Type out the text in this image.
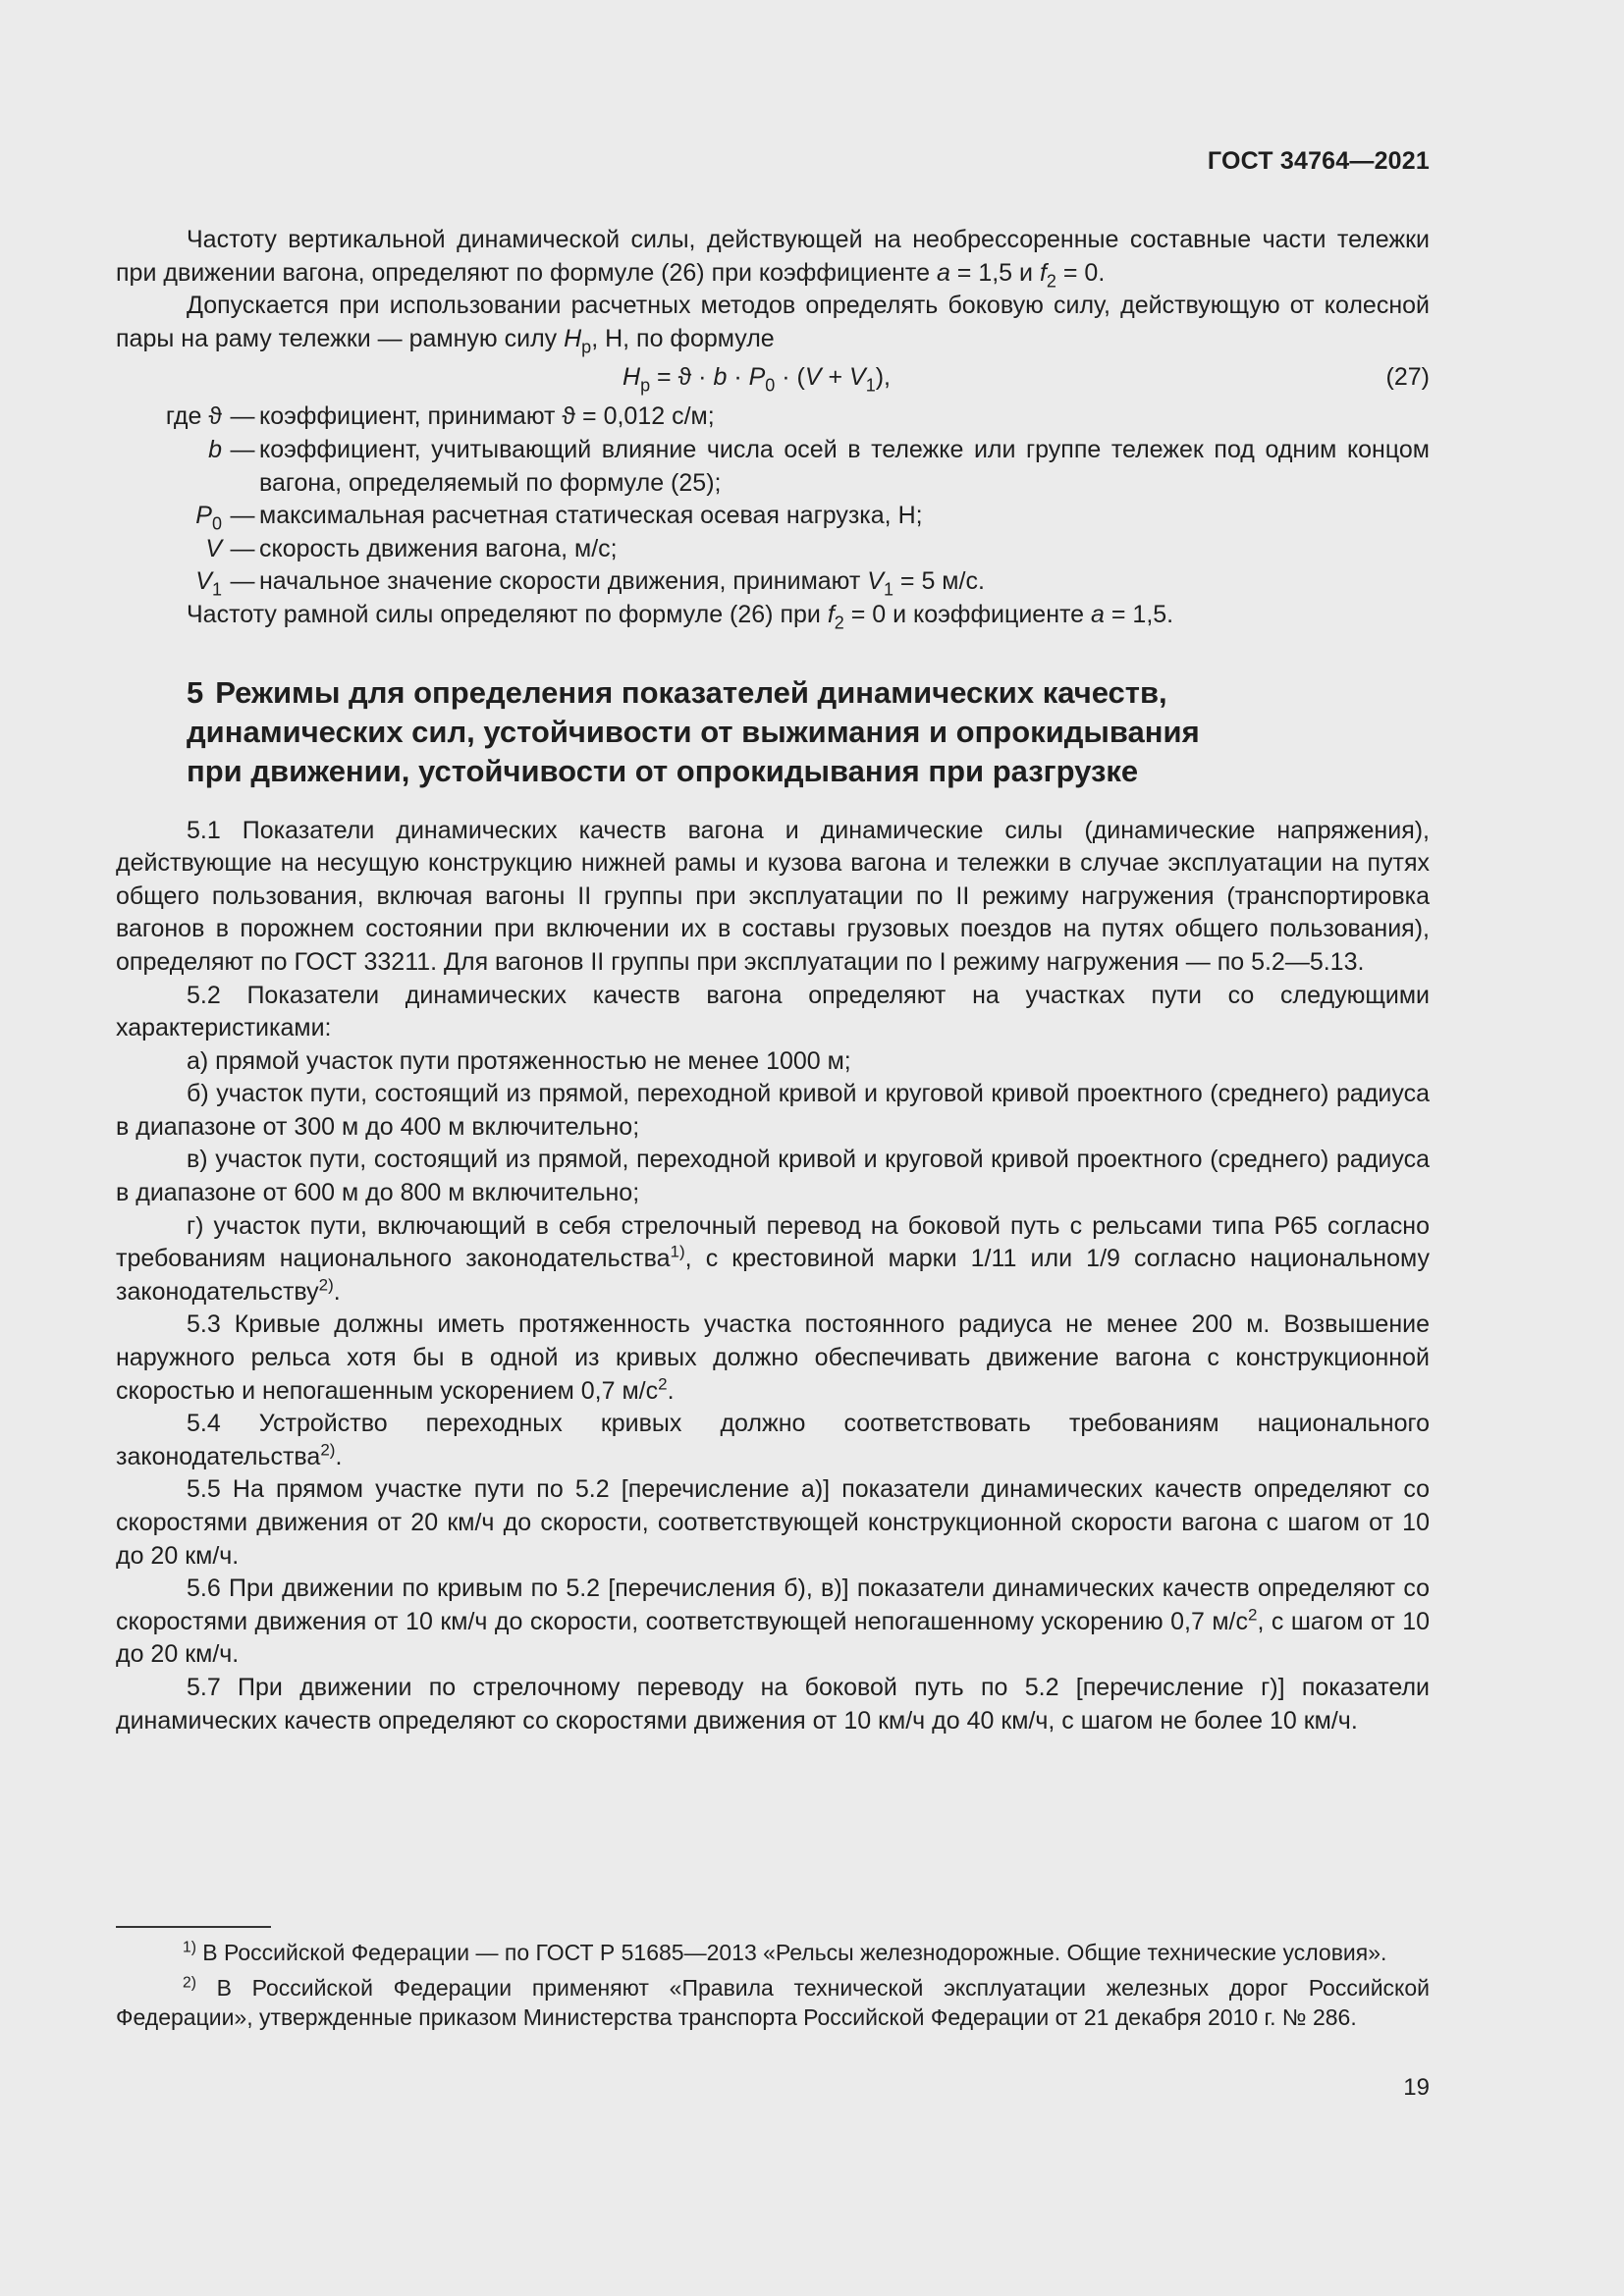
ГОСТ 34764—2021

Частоту вертикальной динамической силы, действующей на необрессоренные составные части тележки при движении вагона, определяют по формуле (26) при коэффициенте a = 1,5 и $f_2 = 0$.

Допускается при использовании расчетных методов определять боковую силу, действующую от колесной пары на раму тележки — рамную силу $H_р$, Н, по формуле

$H_р = ϑ \cdot b \cdot P_0 \cdot (V + V_1)$,	(27)
где ϑ — коэффициент, принимают ϑ = 0,012 с/м;
b — коэффициент, учитывающий влияние числа осей в тележке или группе тележек под одним концом вагона, определяемый по формуле (25);
$P_0$ — максимальная расчетная статическая осевая нагрузка, Н;
V — скорость движения вагона, м/с;
$V_1$ — начальное значение скорости движения, принимают $V_1 = 5$ м/с.

Частоту рамной силы определяют по формуле (26) при $f_2 = 0$ и коэффициенте a = 1,5.

5 Режимы для определения показателей динамических качеств,
динамических сил, устойчивости от выжимания и опрокидывания
при движении, устойчивости от опрокидывания при разгрузке

5.1 Показатели динамических качеств вагона и динамические силы (динамические напряжения), действующие на несущую конструкцию нижней рамы и кузова вагона и тележки в случае эксплуатации на путях общего пользования, включая вагоны II группы при эксплуатации по II режиму нагружения (транспортировка вагонов в порожнем состоянии при включении их в составы грузовых поездов на путях общего пользования), определяют по ГОСТ 33211. Для вагонов II группы при эксплуатации по I режиму нагружения — по 5.2—5.13.

5.2 Показатели динамических качеств вагона определяют на участках пути со следующими характеристиками:

а) прямой участок пути протяженностью не менее 1000 м;

б) участок пути, состоящий из прямой, переходной кривой и круговой кривой проектного (среднего) радиуса в диапазоне от 300 м до 400 м включительно;

в) участок пути, состоящий из прямой, переходной кривой и круговой кривой проектного (среднего) радиуса в диапазоне от 600 м до 800 м включительно;

г) участок пути, включающий в себя стрелочный перевод на боковой путь с рельсами типа Р65 согласно требованиям национального законодательства$^{1)}$, с крестовиной марки 1/11 или 1/9 согласно национальному законодательству$^{2)}$.

5.3 Кривые должны иметь протяженность участка постоянного радиуса не менее 200 м. Возвышение наружного рельса хотя бы в одной из кривых должно обеспечивать движение вагона с конструкционной скоростью и непогашенным ускорением 0,7 $м/с^2$.

5.4 Устройство переходных кривых должно соответствовать требованиям национального законодательства$^{2)}$.

5.5 На прямом участке пути по 5.2 [перечисление а)] показатели динамических качеств определяют со скоростями движения от 20 км/ч до скорости, соответствующей конструкционной скорости вагона с шагом от 10 до 20 км/ч.

5.6 При движении по кривым по 5.2 [перечисления б), в)] показатели динамических качеств определяют со скоростями движения от 10 км/ч до скорости, соответствующей непогашенному ускорению 0,7 $м/с^2$, с шагом от 10 до 20 км/ч.

5.7 При движении по стрелочному переводу на боковой путь по 5.2 [перечисление г)] показатели динамических качеств определяют со скоростями движения от 10 км/ч до 40 км/ч, с шагом не более 10 км/ч.

$^{1)}$ В Российской Федерации — по ГОСТ Р 51685—2013 «Рельсы железнодорожные. Общие технические условия».

$^{2)}$ В Российской Федерации применяют «Правила технической эксплуатации железных дорог Российской Федерации», утвержденные приказом Министерства транспорта Российской Федерации от 21 декабря 2010 г. № 286.

19
